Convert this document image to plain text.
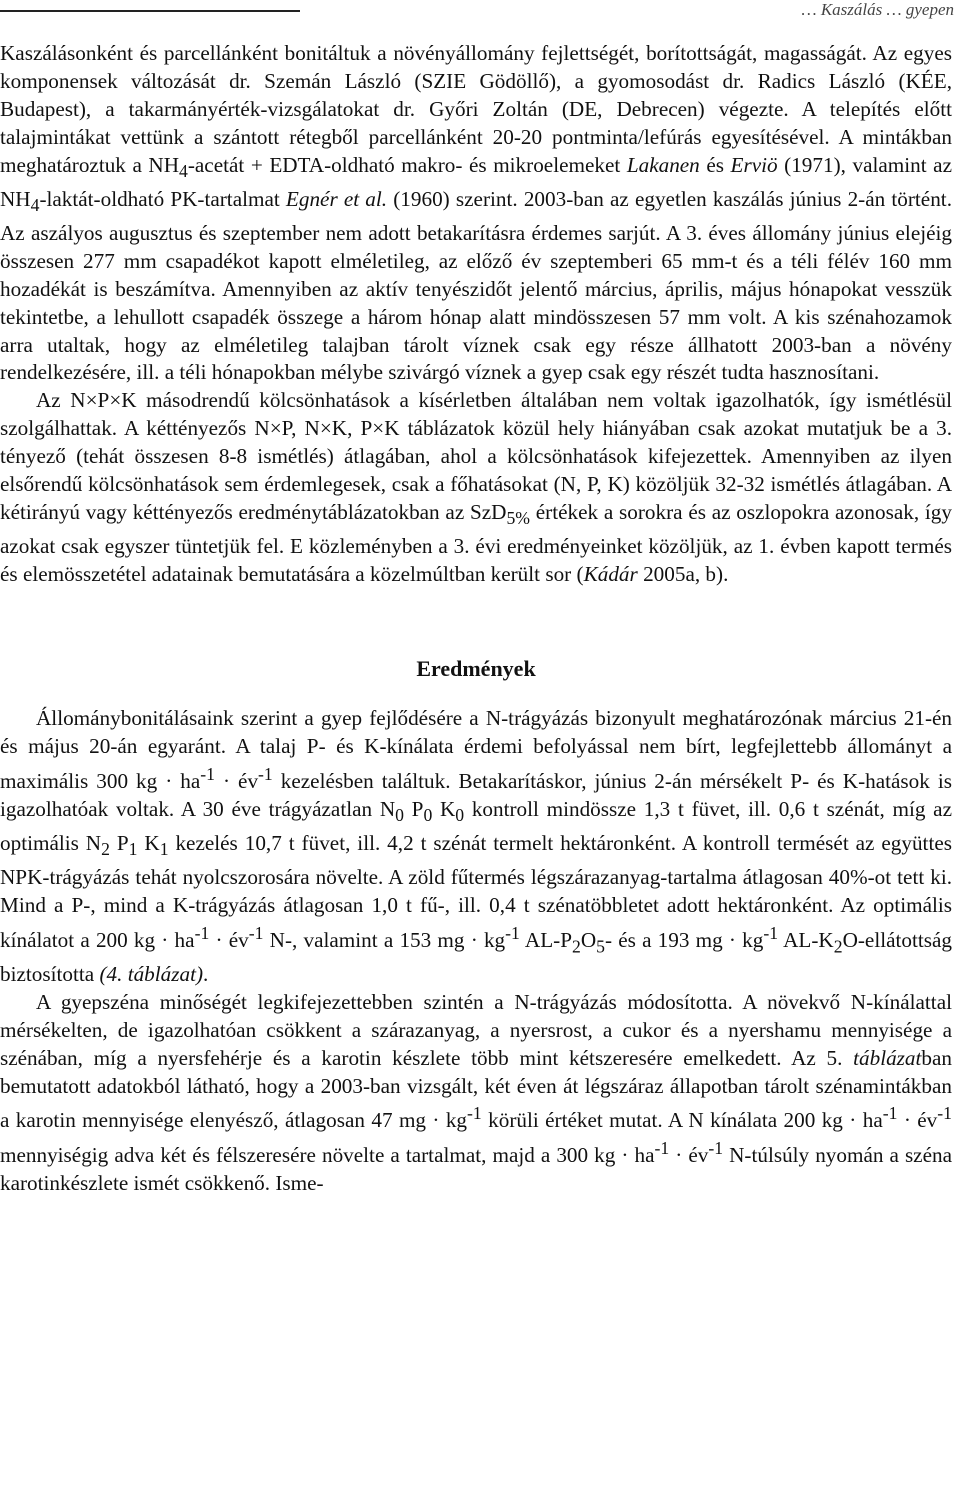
… Kaszálás … gyepen

Kaszálásonként és parcellánként bonitáltuk a növényállomány fejlettségét, borítottságát, magasságát. Az egyes komponensek változását dr. Szemán László (SZIE Gödöllő), a gyomosodást dr. Radics László (KÉE, Budapest), a takarmányérték-vizsgálatokat dr. Győri Zoltán (DE, Debrecen) végezte. A telepítés előtt talajmintákat vettünk a szántott rétegből parcellánként 20-20 pontminta/lefúrás egyesítésével. A mintákban meghatároztuk a $NH_4$-acetát + EDTA-oldható makro- és mikroelemeket Lakanen és Erviö (1971), valamint az $NH_4-laktát$-oldható PK-tartalmat Egnér et al. (1960) szerint. 2003-ban az egyetlen kaszálás június 2-án történt. Az aszályos augusztus és szeptember nem adott betakarításra érdemes sarjút. A 3. éves állomány június elejéig összesen 277 mm csapadékot kapott elméletileg, az előző év szeptemberi 65 mm-t és a téli félév 160 mm hozadékát is beszámítva. Amennyiben az aktív tenyészidőt jelentő március, április, május hónapokat vesszük tekintetbe, a lehullott csapadék összege a három hónap alatt mindösszesen 57 mm volt. A kis szénahozamok arra utaltak, hogy az elméletileg talajban tárolt víznek csak egy része állhatott 2003-ban a növény rendelkezésére, ill. a téli hónapokban mélybe szivárgó víznek a gyep csak egy részét tudta hasznosítani.

Az N×P×K másodrendű kölcsönhatások a kísérletben általában nem voltak igazolhatók, így ismétlésül szolgálhattak. A kéttényezős N×P, N×K, P×K táblázatok közül hely hiányában csak azokat mutatjuk be a 3. tényező (tehát összesen 8-8 ismétlés) átlagában, ahol a kölcsönhatások kifejezettek. Amennyiben az ilyen elsőrendű kölcsönhatások sem érdemlegesek, csak a főhatásokat (N, P, K) közöljük 32-32 ismétlés átlagában. A kétirányú vagy kéttényezős eredménytáblázatokban az SzD$_{5\%}$ értékek a sorokra és az oszlopokra azonosak, így azokat csak egyszer tüntetjük fel. E közleményben a 3. évi eredményeinket közöljük, az 1. évben kapott termés és elemösszetétel adatainak bemutatására a közelmúltban került sor (Kádár 2005a, b).

Eredmények

Állománybonitálásaink szerint a gyep fejlődésére a N-trágyázás bizonyult meghatározónak március 21-én és május 20-án egyaránt. A talaj P- és K-kínálata érdemi befolyással nem bírt, legfejlettebb állományt a maximális 300 kg · $ha^{-1}$ · $év^{-1}$ kezelésben találtuk. Betakarításkor, június 2-án mérsékelt P- és K-hatások is igazolhatóak voltak. A 30 éve trágyázatlan $N_0$ $P_0$ $K_0$ kontroll mindössze 1,3 t füvet, ill. 0,6 t szénát, míg az optimális $N_2$ $P_1$ $K_1$ kezelés 10,7 t füvet, ill. 4,2 t szénát termelt hektáronként. A kontroll termését az együttes NPK-trágyázás tehát nyolcszorosára növelte. A zöld fűtermés légszárazanyag-tartalma átlagosan 40%-ot tett ki. Mind a P-, mind a K-trágyázás átlagosan 1,0 t fű-, ill. 0,4 t szénatöbbletet adott hektáronként. Az optimális kínálatot a 200 kg · $ha^{-1}$ · $év^{-1}$ N-, valamint a 153 mg · $kg^{-1}$ $AL-P_2O_5-$ és a 193 mg · $kg^{-1}$ $AL-K_2O$-ellátottság biztosította (4. táblázat).

A gyepszéna minőségét legkifejezettebben szintén a N-trágyázás módosította. A növekvő N-kínálattal mérsékelten, de igazolhatóan csökkent a szárazanyag, a nyersrost, a cukor és a nyershamu mennyisége a szénában, míg a nyersfehérje és a karotin készlete több mint kétszeresére emelkedett. Az 5. táblázatban bemutatott adatokból látható, hogy a 2003-ban vizsgált, két éven át légszáraz állapotban tárolt szénamintákban a karotin mennyisége elenyésző, átlagosan 47 mg · $kg^{-1}$ körüli értéket mutat. A N kínálata 200 kg · $ha^{-1}$ · $év^{-1}$ mennyiségig adva két és félszeresére növelte a tartalmat, majd a 300 kg · $ha^{-1}$ · $év^{-1}$ N-túlsúly nyomán a széna karotinkészlete ismét csökkenő. Isme-
